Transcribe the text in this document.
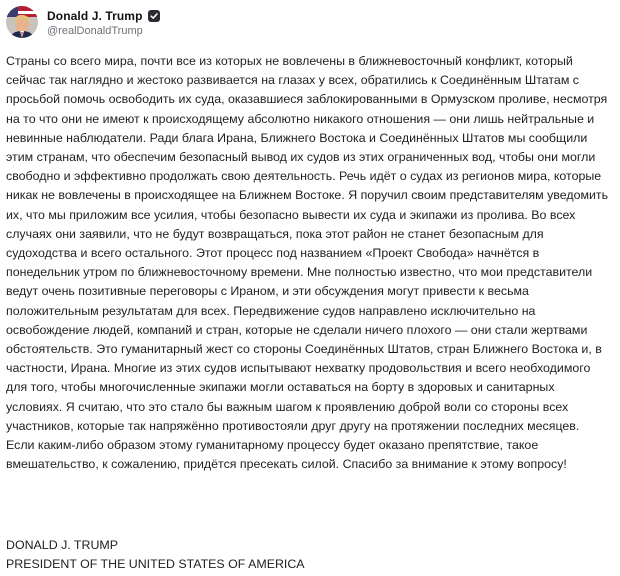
Donald J. Trump
@realDonaldTrump

Страны со всего мира, почти все из которых не вовлечены в ближневосточный конфликт, который сейчас так наглядно и жестоко развивается на глазах у всех, обратились к Соединённым Штатам с просьбой помочь освободить их суда, оказавшиеся заблокированными в Ормузском проливе, несмотря на то что они не имеют к происходящему абсолютно никакого отношения — они лишь нейтральные и невинные наблюдатели. Ради блага Ирана, Ближнего Востока и Соединённых Штатов мы сообщили этим странам, что обеспечим безопасный вывод их судов из этих ограниченных вод, чтобы они могли свободно и эффективно продолжать свою деятельность. Речь идёт о судах из регионов мира, которые никак не вовлечены в происходящее на Ближнем Востоке. Я поручил своим представителям уведомить их, что мы приложим все усилия, чтобы безопасно вывести их суда и экипажи из пролива. Во всех случаях они заявили, что не будут возвращаться, пока этот район не станет безопасным для судоходства и всего остального. Этот процесс под названием «Проект Свобода» начнётся в понедельник утром по ближневосточному времени. Мне полностью известно, что мои представители ведут очень позитивные переговоры с Ираном, и эти обсуждения могут привести к весьма положительным результатам для всех. Передвижение судов направлено исключительно на освобождение людей, компаний и стран, которые не сделали ничего плохого — они стали жертвами обстоятельств. Это гуманитарный жест со стороны Соединённых Штатов, стран Ближнего Востока и, в частности, Ирана. Многие из этих судов испытывают нехватку продовольствия и всего необходимого для того, чтобы многочисленные экипажи могли оставаться на борту в здоровых и санитарных условиях. Я считаю, что это стало бы важным шагом к проявлению доброй воли со стороны всех участников, которые так напряжённо противостояли друг другу на протяжении последних месяцев. Если каким-либо образом этому гуманитарному процессу будет оказано препятствие, такое вмешательство, к сожалению, придётся пресекать силой. Спасибо за внимание к этому вопросу!

DONALD J. TRUMP
PRESIDENT OF THE UNITED STATES OF AMERICA
